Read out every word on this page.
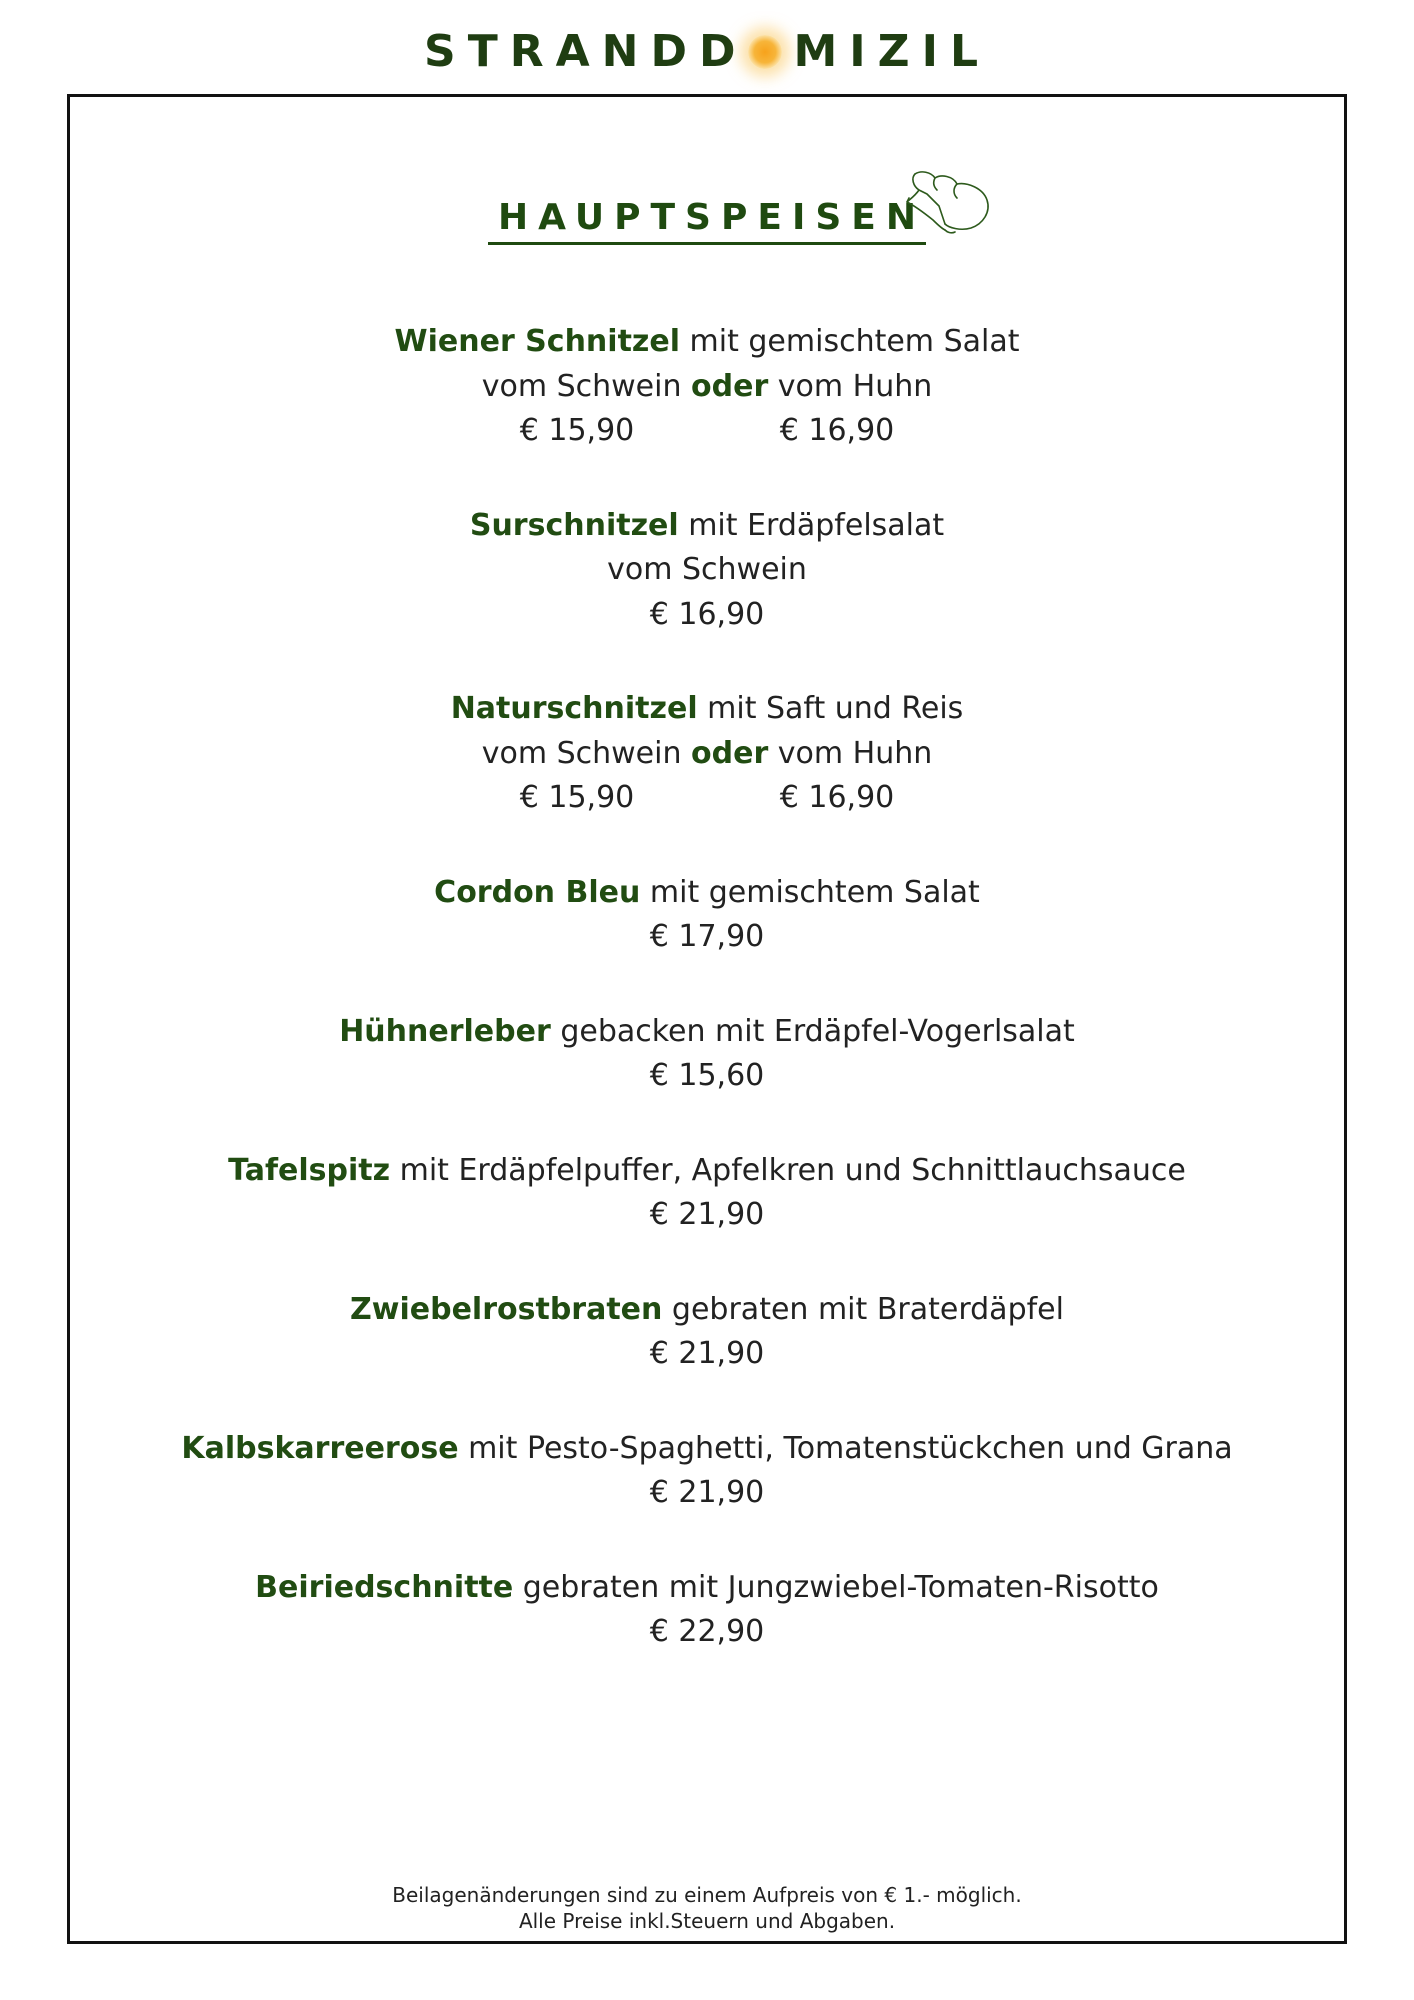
STRANDD MIZIL
HAUPTSPEISEN
Wiener Schnitzel mit gemischtem Salat
vom Schwein oder vom Huhn
€ 15,90	€ 16,90
Surschnitzel mit Erdäpfelsalat
vom Schwein
€ 16,90
Naturschnitzel mit Saft und Reis
vom Schwein oder vom Huhn
€ 15,90	€ 16,90
Cordon Bleu mit gemischtem Salat
€ 17,90
Hühnerleber gebacken mit Erdäpfel-Vogerlsalat
€ 15,60
Tafelspitz mit Erdäpfelpuffer, Apfelkren und Schnittlauchsauce
€ 21,90
Zwiebelrostbraten gebraten mit Braterdäpfel
€ 21,90
Kalbskarreerose mit Pesto-Spaghetti, Tomatenstückchen und Grana
€ 21,90
Beiriedschnitte gebraten mit Jungzwiebel-Tomaten-Risotto
€ 22,90
Beilagenänderungen sind zu einem Aufpreis von € 1.- möglich.
Alle Preise inkl.Steuern und Abgaben.
